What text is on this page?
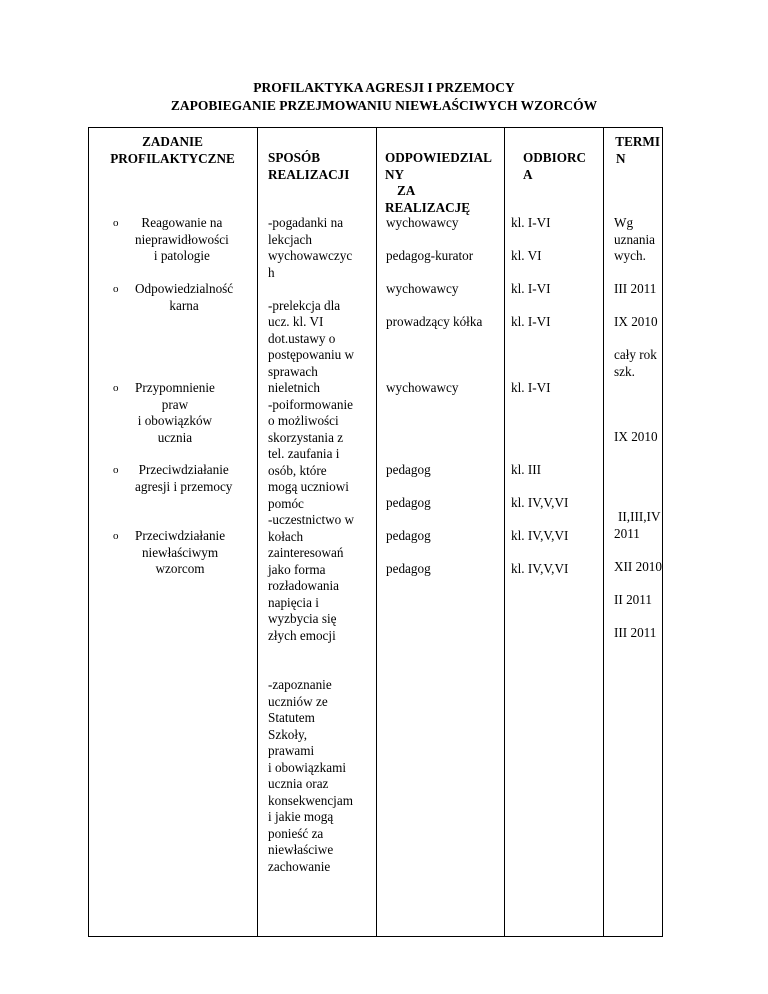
PROFILAKTYKA AGRESJI I PRZEMOCY
ZAPOBIEGANIE PRZEJMOWANIU NIEWŁAŚCIWYCH WZORCÓW
ZADANIE
PROFILAKTYCZNE	SPOSÓB
REALIZACJI
ODPOWIEDZIAL
NY
ZA
REALIZACJĘ
ODBIORC
A
TERMI
N
o	Reagowanie na
nieprawidłowości
i patologie
o Odpowiedzialność
karna
o Przypomnienie
praw
i obowiązków
ucznia
o Przeciwdziałanie
agresji i przemocy
o Przeciwdziałanie
niewłaściwym
wzorcom
-pogadanki na
lekcjach
wychowawczyc
h
-prelekcja dla
ucz. kl. VI
dot.ustawy o
postępowaniu w
sprawach
nieletnich
-poiformowanie
o możliwości
skorzystania z
tel. zaufania i
osób, które
mogą uczniowi
pomóc
-uczestnictwo w
kołach
zainteresowań
jako forma
rozładowania
napięcia i
wyzbycia się
złych emocji
-zapoznanie
uczniów ze
Statutem
Szkoły,
prawami
i obowiązkami
ucznia oraz
konsekwencjam
i jakie mogą
ponieść za
niewłaściwe
zachowanie
wychowawcy
pedagog-kurator
wychowawcy
prowadzący kółka
wychowawcy
pedagog
pedagog
pedagog
pedagog
kl. I-VI
kl. VI
kl. I-VI
kl. I-VI
kl. I-VI
kl. III
kl. IV,V,VI
kl. IV,V,VI
kl. IV,V,VI
Wg
uznania
wych.
III 2011
IX 2010
cały rok
szk.
IX 2010
II,III,IV
2011
XII 2010
II 2011
III 2011
